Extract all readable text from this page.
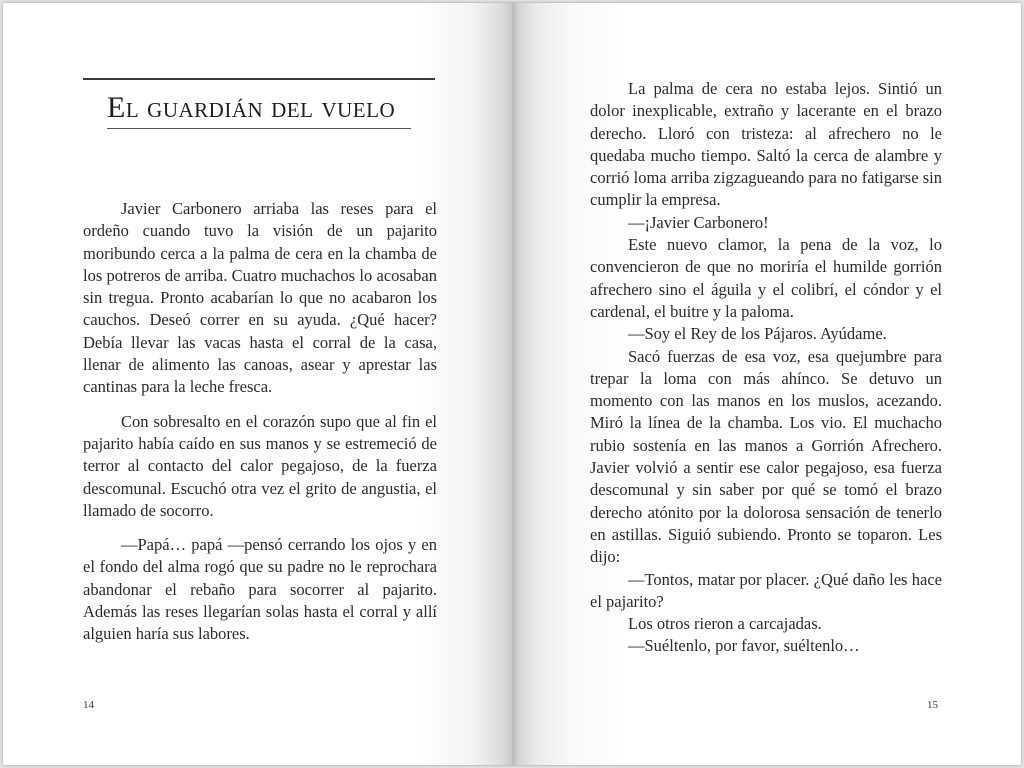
El guardián del vuelo

Javier Carbonero arriaba las reses para el ordeño cuando tuvo la visión de un pajarito moribundo cerca a la palma de cera en la chamba de los potreros de arriba. Cuatro muchachos lo acosaban sin tregua. Pronto acabarían lo que no acabaron los cauchos. Deseó correr en su ayuda. ¿Qué hacer? Debía llevar las vacas hasta el corral de la casa, llenar de alimento las canoas, asear y aprestar las cantinas para la leche fresca.

Con sobresalto en el corazón supo que al fin el pajarito había caído en sus manos y se estremeció de terror al contacto del calor pegajoso, de la fuerza descomunal. Escuchó otra vez el grito de angustia, el llamado de socorro.

—Papá… papá —pensó cerrando los ojos y en el fondo del alma rogó que su padre no le reprochara abandonar el rebaño para socorrer al pajarito. Además las reses llegarían solas hasta el corral y allí alguien haría sus labores.

14

La palma de cera no estaba lejos. Sintió un dolor inexplicable, extraño y lacerante en el brazo derecho. Lloró con tristeza: al afrechero no le quedaba mucho tiempo. Saltó la cerca de alambre y corrió loma arriba zigzagueando para no fatigarse sin cumplir la empresa.

—¡Javier Carbonero!

Este nuevo clamor, la pena de la voz, lo convencieron de que no moriría el humilde gorrión afrechero sino el águila y el colibrí, el cóndor y el cardenal, el buitre y la paloma.

—Soy el Rey de los Pájaros. Ayúdame.

Sacó fuerzas de esa voz, esa quejumbre para trepar la loma con más ahínco. Se detuvo un momento con las manos en los muslos, acezando. Miró la línea de la chamba. Los vio. El muchacho rubio sostenía en las manos a Gorrión Afrechero. Javier volvió a sentir ese calor pegajoso, esa fuerza descomunal y sin saber por qué se tomó el brazo derecho atónito por la dolorosa sensación de tenerlo en astillas. Siguió subiendo. Pronto se toparon. Les dijo:

—Tontos, matar por placer. ¿Qué daño les hace el pajarito?

Los otros rieron a carcajadas.

—Suéltenlo, por favor, suéltenlo…

15
